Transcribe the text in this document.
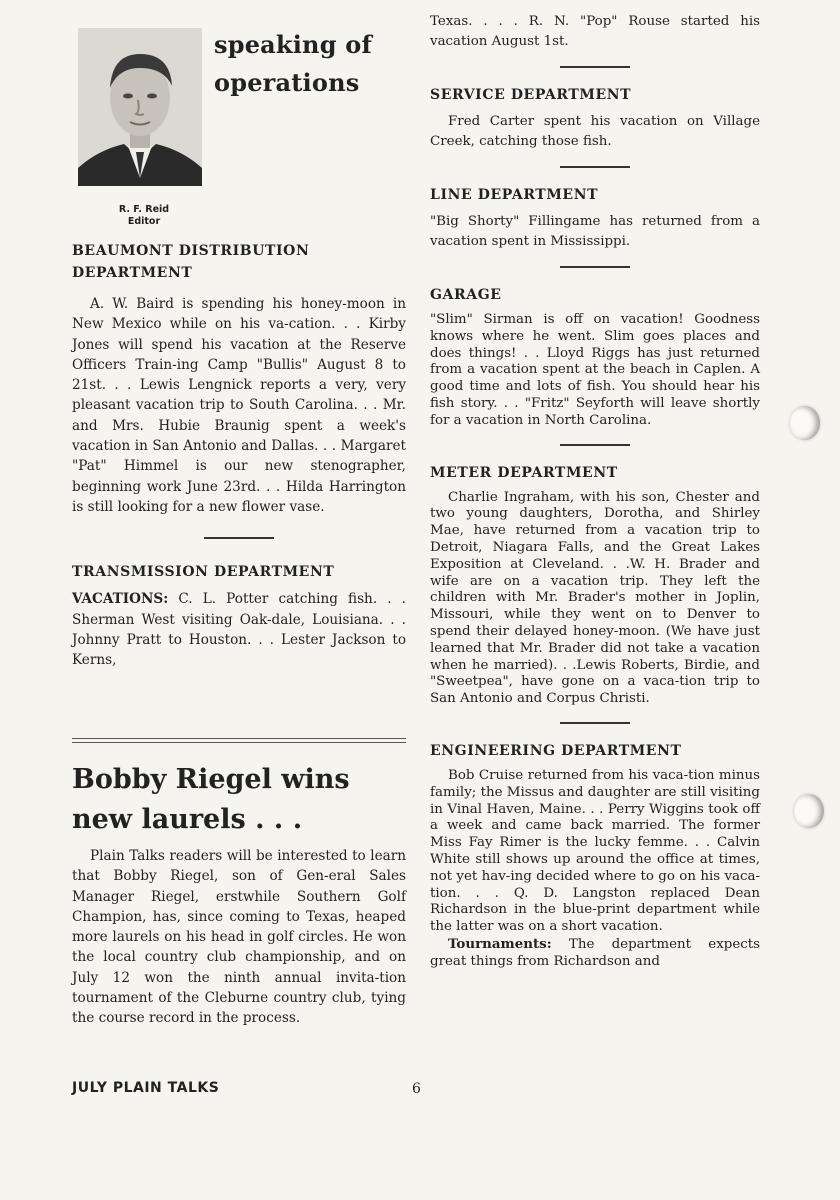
R. F. Reid
Editor
speaking of operations
BEAUMONT DISTRIBUTION
DEPARTMENT

A. W. Baird is spending his honey-moon in New Mexico while on his va-cation. . . Kirby Jones will spend his vacation at the Reserve Officers Train-ing Camp "Bullis" August 8 to 21st. . . Lewis Lengnick reports a very, very pleasant vacation trip to South Carolina. . . Mr. and Mrs. Hubie Braunig spent a week's vacation in San Antonio and Dallas. . . Margaret "Pat" Himmel is our new stenographer, beginning work June 23rd. . . Hilda Harrington is still looking for a new flower vase.

TRANSMISSION DEPARTMENT

VACATIONS: C. L. Potter catching fish. . . Sherman West visiting Oak-dale, Louisiana. . . Johnny Pratt to Houston. . . Lester Jackson to Kerns,

Bobby Riegel wins new laurels . . .

Plain Talks readers will be interested to learn that Bobby Riegel, son of Gen-eral Sales Manager Riegel, erstwhile Southern Golf Champion, has, since coming to Texas, heaped more laurels on his head in golf circles. He won the local country club championship, and on July 12 won the ninth annual invita-tion tournament of the Cleburne country club, tying the course record in the process.

Texas. . . . R. N. "Pop" Rouse started his vacation August 1st.

SERVICE DEPARTMENT

Fred Carter spent his vacation on Village Creek, catching those fish.

LINE DEPARTMENT

"Big Shorty" Fillingame has returned from a vacation spent in Mississippi.

GARAGE

"Slim" Sirman is off on vacation! Goodness knows where he went. Slim goes places and does things! . . Lloyd Riggs has just returned from a vacation spent at the beach in Caplen. A good time and lots of fish. You should hear his fish story. . . "Fritz" Seyforth will leave shortly for a vacation in North Carolina.

METER DEPARTMENT

Charlie Ingraham, with his son, Chester and two young daughters, Dorotha, and Shirley Mae, have returned from a vacation trip to Detroit, Niagara Falls, and the Great Lakes Exposition at Cleveland. . .W. H. Brader and wife are on a vacation trip. They left the children with Mr. Brader's mother in Joplin, Missouri, while they went on to Denver to spend their delayed honey-moon. (We have just learned that Mr. Brader did not take a vacation when he married). . .Lewis Roberts, Birdie, and "Sweetpea", have gone on a vaca-tion trip to San Antonio and Corpus Christi.

ENGINEERING DEPARTMENT

Bob Cruise returned from his vaca-tion minus family; the Missus and daughter are still visiting in Vinal Haven, Maine. . . Perry Wiggins took off a week and came back married. The former Miss Fay Rimer is the lucky femme. . . Calvin White still shows up around the office at times, not yet hav-ing decided where to go on his vaca-tion. . . Q. D. Langston replaced Dean Richardson in the blue-print department while the latter was on a short vacation.

Tournaments: The department expects great things from Richardson and

JULY PLAIN TALKS	6
